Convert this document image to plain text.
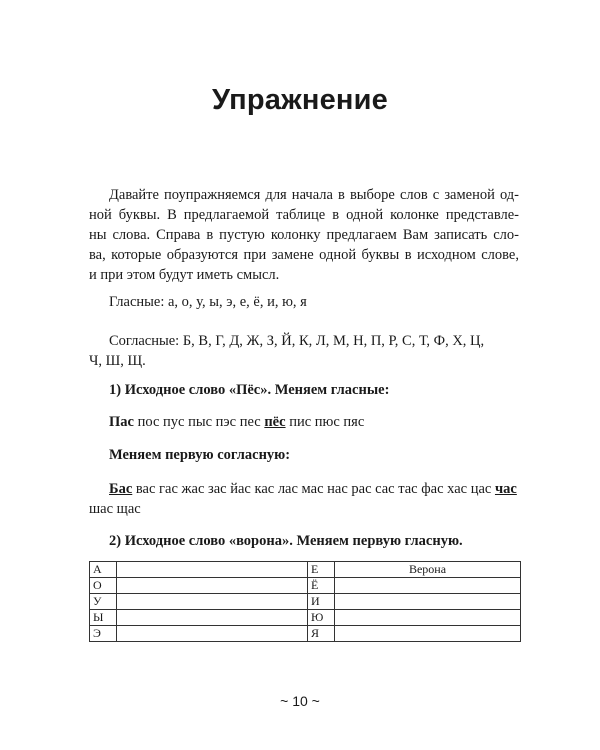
Упражнение
Давайте поупражняемся для начала в выборе слов с заменой од-
ной буквы. В предлагаемой таблице в одной колонке представле-
ны слова. Справа в пустую колонку предлагаем Вам записать сло-
ва, которые образуются при замене одной буквы в исходном слове,
и при этом будут иметь смысл.
Гласные: а, о, у, ы, э, е, ё, и, ю, я
Согласные: Б, В, Г, Д, Ж, З, Й, К, Л, М, Н, П, Р, С, Т, Ф, Х, Ц,
Ч, Ш, Щ.
1) Исходное слово «Пёс». Меняем гласные:
Пас пос пус пыс пэс пес пёс пис пюс пяс
Меняем первую согласную:
Бас вас гас жас зас йас кас лас мас нас рас сас тас фас хас цас час
шас щас
2) Исходное слово «ворона». Меняем первую гласную.
А		Е	Верона
О		Ё	
У		И	
Ы		Ю	
Э		Я	
~ 10 ~
